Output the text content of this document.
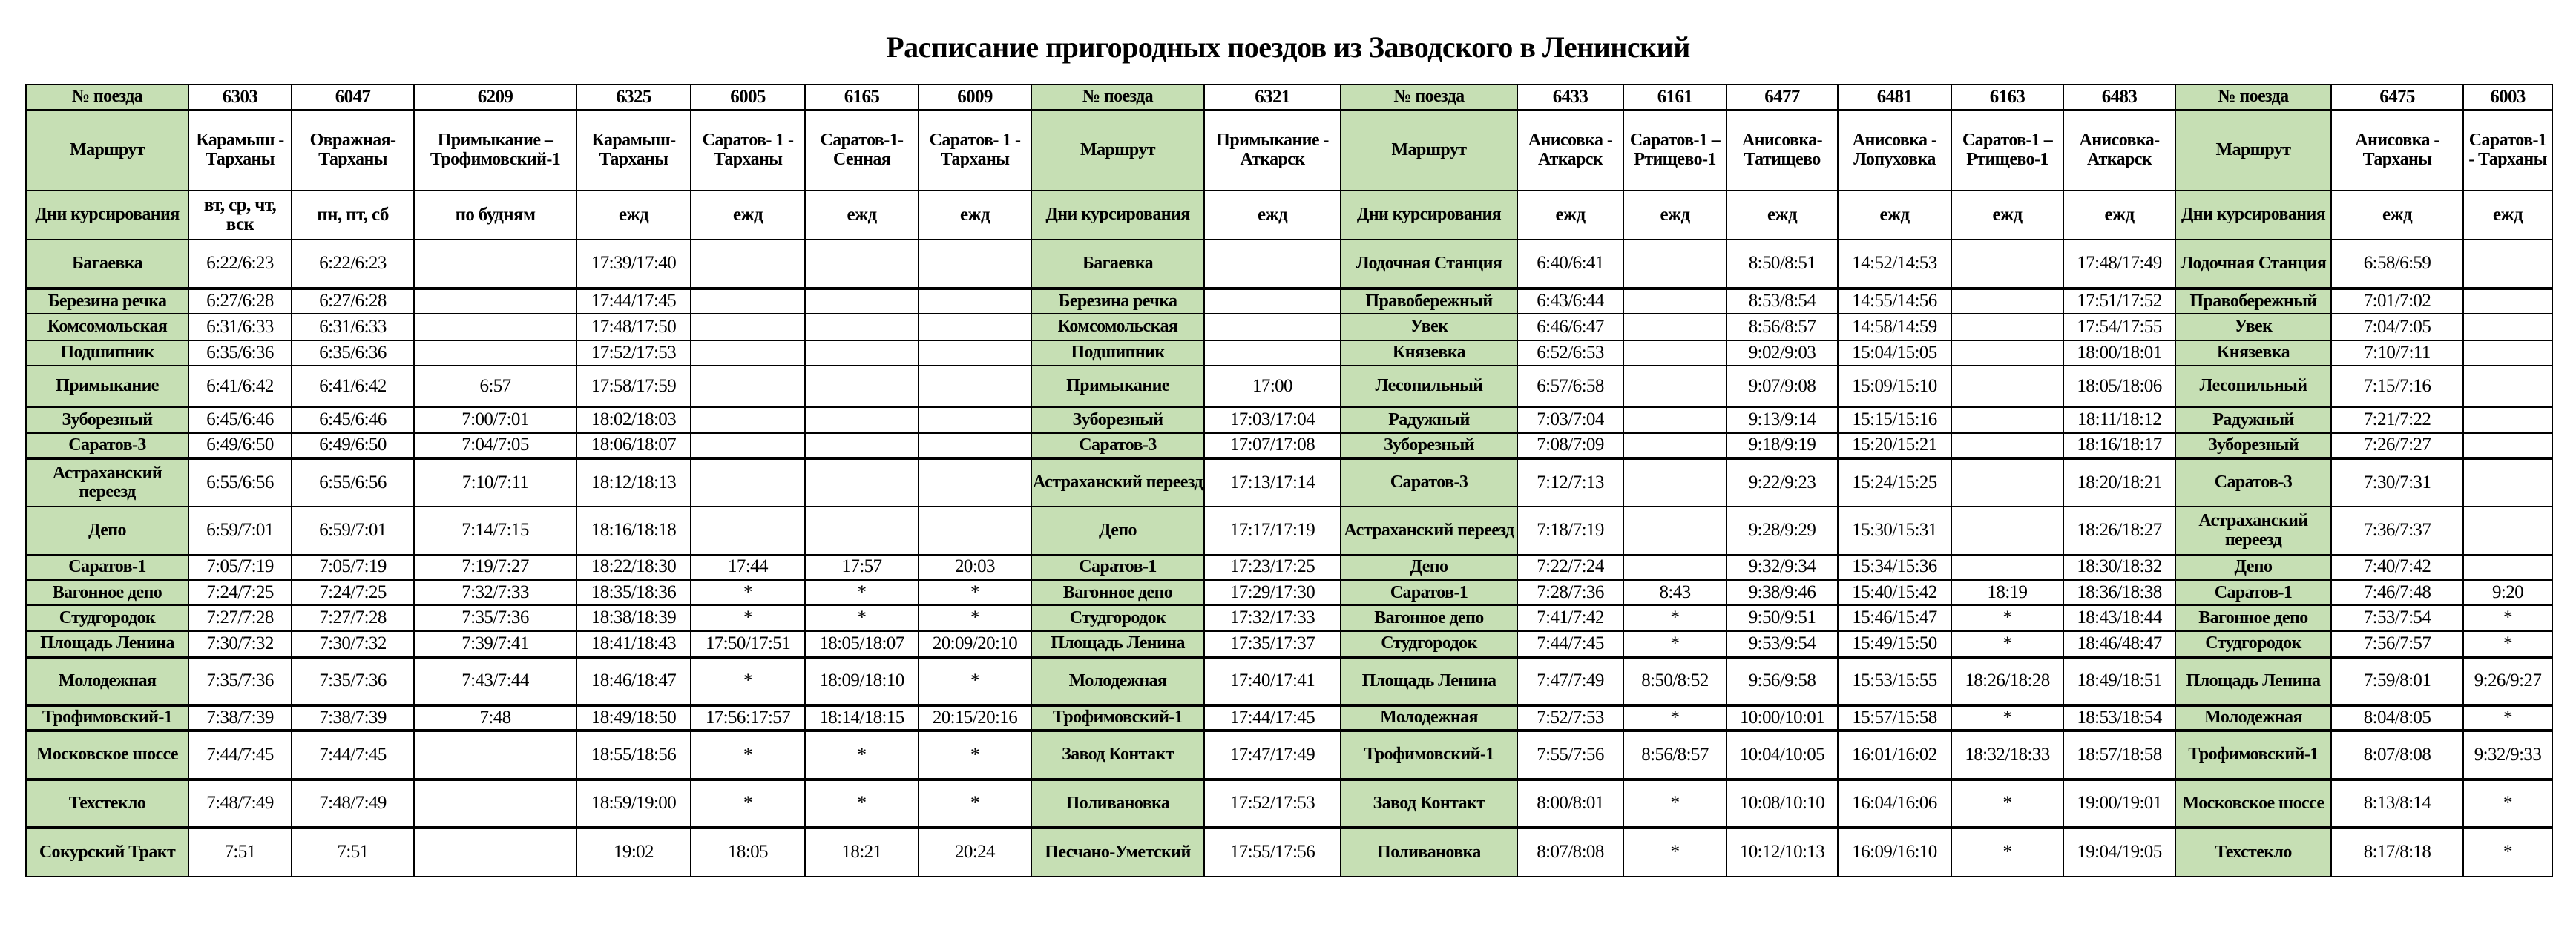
Расписание пригородных поездов из Заводского в Ленинский
№ поезда	6303	6047	6209	6325	6005	6165	6009	№ поезда	6321	№ поезда	6433	6161	6477	6481	6163	6483	№ поезда	6475	6003
Маршрут	Карамыш - Тарханы	Овражная-Тарханы	Примыкание – Трофимовский-1	Карамыш-Тарханы	Саратов- 1 - Тарханы	Саратов-1-Сенная	Саратов- 1 - Тарханы	Маршрут	Примыкание - Аткарск	Маршрут	Анисовка - Аткарск	Саратов-1 – Ртищево-1	Анисовка-Татищево	Анисовка - Лопуховка	Саратов-1 – Ртищево-1	Анисовка-Аткарск	Маршрут	Анисовка - Тарханы	Саратов-1 - Тарханы
Дни курсирования	вт, ср, чт, вск	пн, пт, сб	по будням	ежд	ежд	ежд	ежд	Дни курсирования	ежд	Дни курсирования	ежд	ежд	ежд	ежд	ежд	ежд	Дни курсирования	ежд	ежд
Багаевка	6:22/6:23	6:22/6:23		17:39/17:40				Багаевка		Лодочная Станция	6:40/6:41		8:50/8:51	14:52/14:53		17:48/17:49	Лодочная Станция	6:58/6:59	
Березина речка	6:27/6:28	6:27/6:28		17:44/17:45				Березина речка		Правобережный	6:43/6:44		8:53/8:54	14:55/14:56		17:51/17:52	Правобережный	7:01/7:02	
Комсомольская	6:31/6:33	6:31/6:33		17:48/17:50				Комсомольская		Увек	6:46/6:47		8:56/8:57	14:58/14:59		17:54/17:55	Увек	7:04/7:05	
Подшипник	6:35/6:36	6:35/6:36		17:52/17:53				Подшипник		Князевка	6:52/6:53		9:02/9:03	15:04/15:05		18:00/18:01	Князевка	7:10/7:11	
Примыкание	6:41/6:42	6:41/6:42	6:57	17:58/17:59				Примыкание	17:00	Лесопильный	6:57/6:58		9:07/9:08	15:09/15:10		18:05/18:06	Лесопильный	7:15/7:16	
Зуборезный	6:45/6:46	6:45/6:46	7:00/7:01	18:02/18:03				Зуборезный	17:03/17:04	Радужный	7:03/7:04		9:13/9:14	15:15/15:16		18:11/18:12	Радужный	7:21/7:22	
Саратов-3	6:49/6:50	6:49/6:50	7:04/7:05	18:06/18:07				Саратов-3	17:07/17:08	Зуборезный	7:08/7:09		9:18/9:19	15:20/15:21		18:16/18:17	Зуборезный	7:26/7:27	
Астраханский переезд	6:55/6:56	6:55/6:56	7:10/7:11	18:12/18:13				Астраханский переезд	17:13/17:14	Саратов-3	7:12/7:13		9:22/9:23	15:24/15:25		18:20/18:21	Саратов-3	7:30/7:31	
Депо	6:59/7:01	6:59/7:01	7:14/7:15	18:16/18:18				Депо	17:17/17:19	Астраханский переезд	7:18/7:19		9:28/9:29	15:30/15:31		18:26/18:27	Астраханский переезд	7:36/7:37	
Саратов-1	7:05/7:19	7:05/7:19	7:19/7:27	18:22/18:30	17:44	17:57	20:03	Саратов-1	17:23/17:25	Депо	7:22/7:24		9:32/9:34	15:34/15:36		18:30/18:32	Депо	7:40/7:42	
Вагонное депо	7:24/7:25	7:24/7:25	7:32/7:33	18:35/18:36	*	*	*	Вагонное депо	17:29/17:30	Саратов-1	7:28/7:36	8:43	9:38/9:46	15:40/15:42	18:19	18:36/18:38	Саратов-1	7:46/7:48	9:20
Студгородок	7:27/7:28	7:27/7:28	7:35/7:36	18:38/18:39	*	*	*	Студгородок	17:32/17:33	Вагонное депо	7:41/7:42	*	9:50/9:51	15:46/15:47	*	18:43/18:44	Вагонное депо	7:53/7:54	*
Площадь Ленина	7:30/7:32	7:30/7:32	7:39/7:41	18:41/18:43	17:50/17:51	18:05/18:07	20:09/20:10	Площадь Ленина	17:35/17:37	Студгородок	7:44/7:45	*	9:53/9:54	15:49/15:50	*	18:46/48:47	Студгородок	7:56/7:57	*
Молодежная	7:35/7:36	7:35/7:36	7:43/7:44	18:46/18:47	*	18:09/18:10	*	Молодежная	17:40/17:41	Площадь Ленина	7:47/7:49	8:50/8:52	9:56/9:58	15:53/15:55	18:26/18:28	18:49/18:51	Площадь Ленина	7:59/8:01	9:26/9:27
Трофимовский-1	7:38/7:39	7:38/7:39	7:48	18:49/18:50	17:56:17:57	18:14/18:15	20:15/20:16	Трофимовский-1	17:44/17:45	Молодежная	7:52/7:53	*	10:00/10:01	15:57/15:58	*	18:53/18:54	Молодежная	8:04/8:05	*
Московское шоссе	7:44/7:45	7:44/7:45		18:55/18:56	*	*	*	Завод Контакт	17:47/17:49	Трофимовский-1	7:55/7:56	8:56/8:57	10:04/10:05	16:01/16:02	18:32/18:33	18:57/18:58	Трофимовский-1	8:07/8:08	9:32/9:33
Техстекло	7:48/7:49	7:48/7:49		18:59/19:00	*	*	*	Поливановка	17:52/17:53	Завод Контакт	8:00/8:01	*	10:08/10:10	16:04/16:06	*	19:00/19:01	Московское шоссе	8:13/8:14	*
Сокурский Тракт	7:51	7:51		19:02	18:05	18:21	20:24	Песчано-Уметский	17:55/17:56	Поливановка	8:07/8:08	*	10:12/10:13	16:09/16:10	*	19:04/19:05	Техстекло	8:17/8:18	*
